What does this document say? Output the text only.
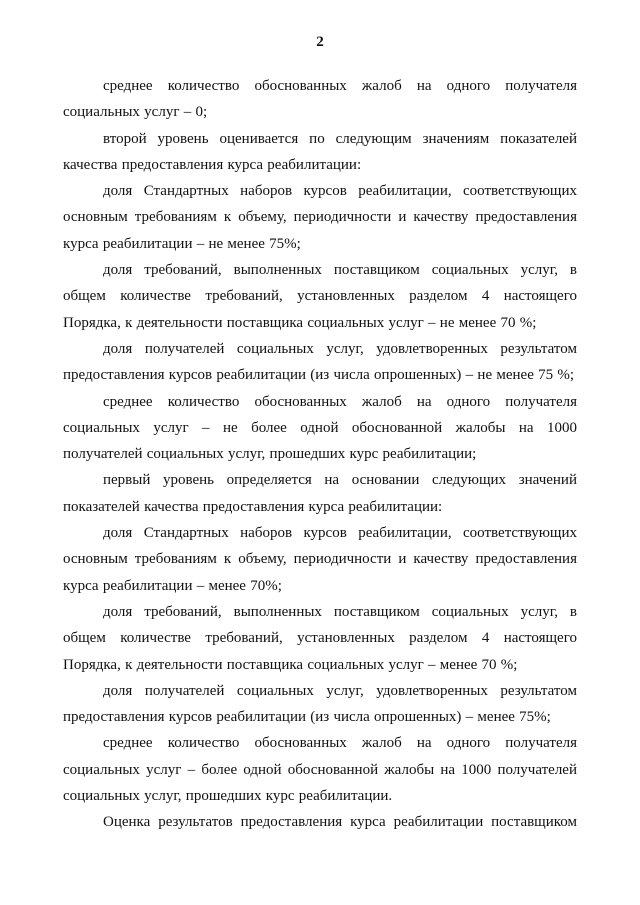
2

среднее количество обоснованных жалоб на одного получателя социальных услуг – 0;

второй уровень оценивается по следующим значениям показателей качества предоставления курса реабилитации:

доля Стандартных наборов курсов реабилитации, соответствующих основным требованиям к объему, периодичности и качеству предоставления курса реабилитации – не менее 75%;

доля требований, выполненных поставщиком социальных услуг, в общем количестве требований, установленных разделом 4 настоящего Порядка, к деятельности поставщика социальных услуг – не менее 70 %;

доля получателей социальных услуг, удовлетворенных результатом предоставления курсов реабилитации (из числа опрошенных) – не менее 75 %;

среднее количество обоснованных жалоб на одного получателя социальных услуг – не более одной обоснованной жалобы на 1000 получателей социальных услуг, прошедших курс реабилитации;

первый уровень определяется на основании следующих значений показателей качества предоставления курса реабилитации:

доля Стандартных наборов курсов реабилитации, соответствующих основным требованиям к объему, периодичности и качеству предоставления курса реабилитации – менее 70%;

доля требований, выполненных поставщиком социальных услуг, в общем количестве требований, установленных разделом 4 настоящего Порядка, к деятельности поставщика социальных услуг – менее 70 %;

доля получателей социальных услуг, удовлетворенных результатом предоставления курсов реабилитации (из числа опрошенных) – менее 75%;

среднее количество обоснованных жалоб на одного получателя социальных услуг – более одной обоснованной жалобы на 1000 получателей социальных услуг, прошедших курс реабилитации.

Оценка результатов предоставления курса реабилитации поставщиком
